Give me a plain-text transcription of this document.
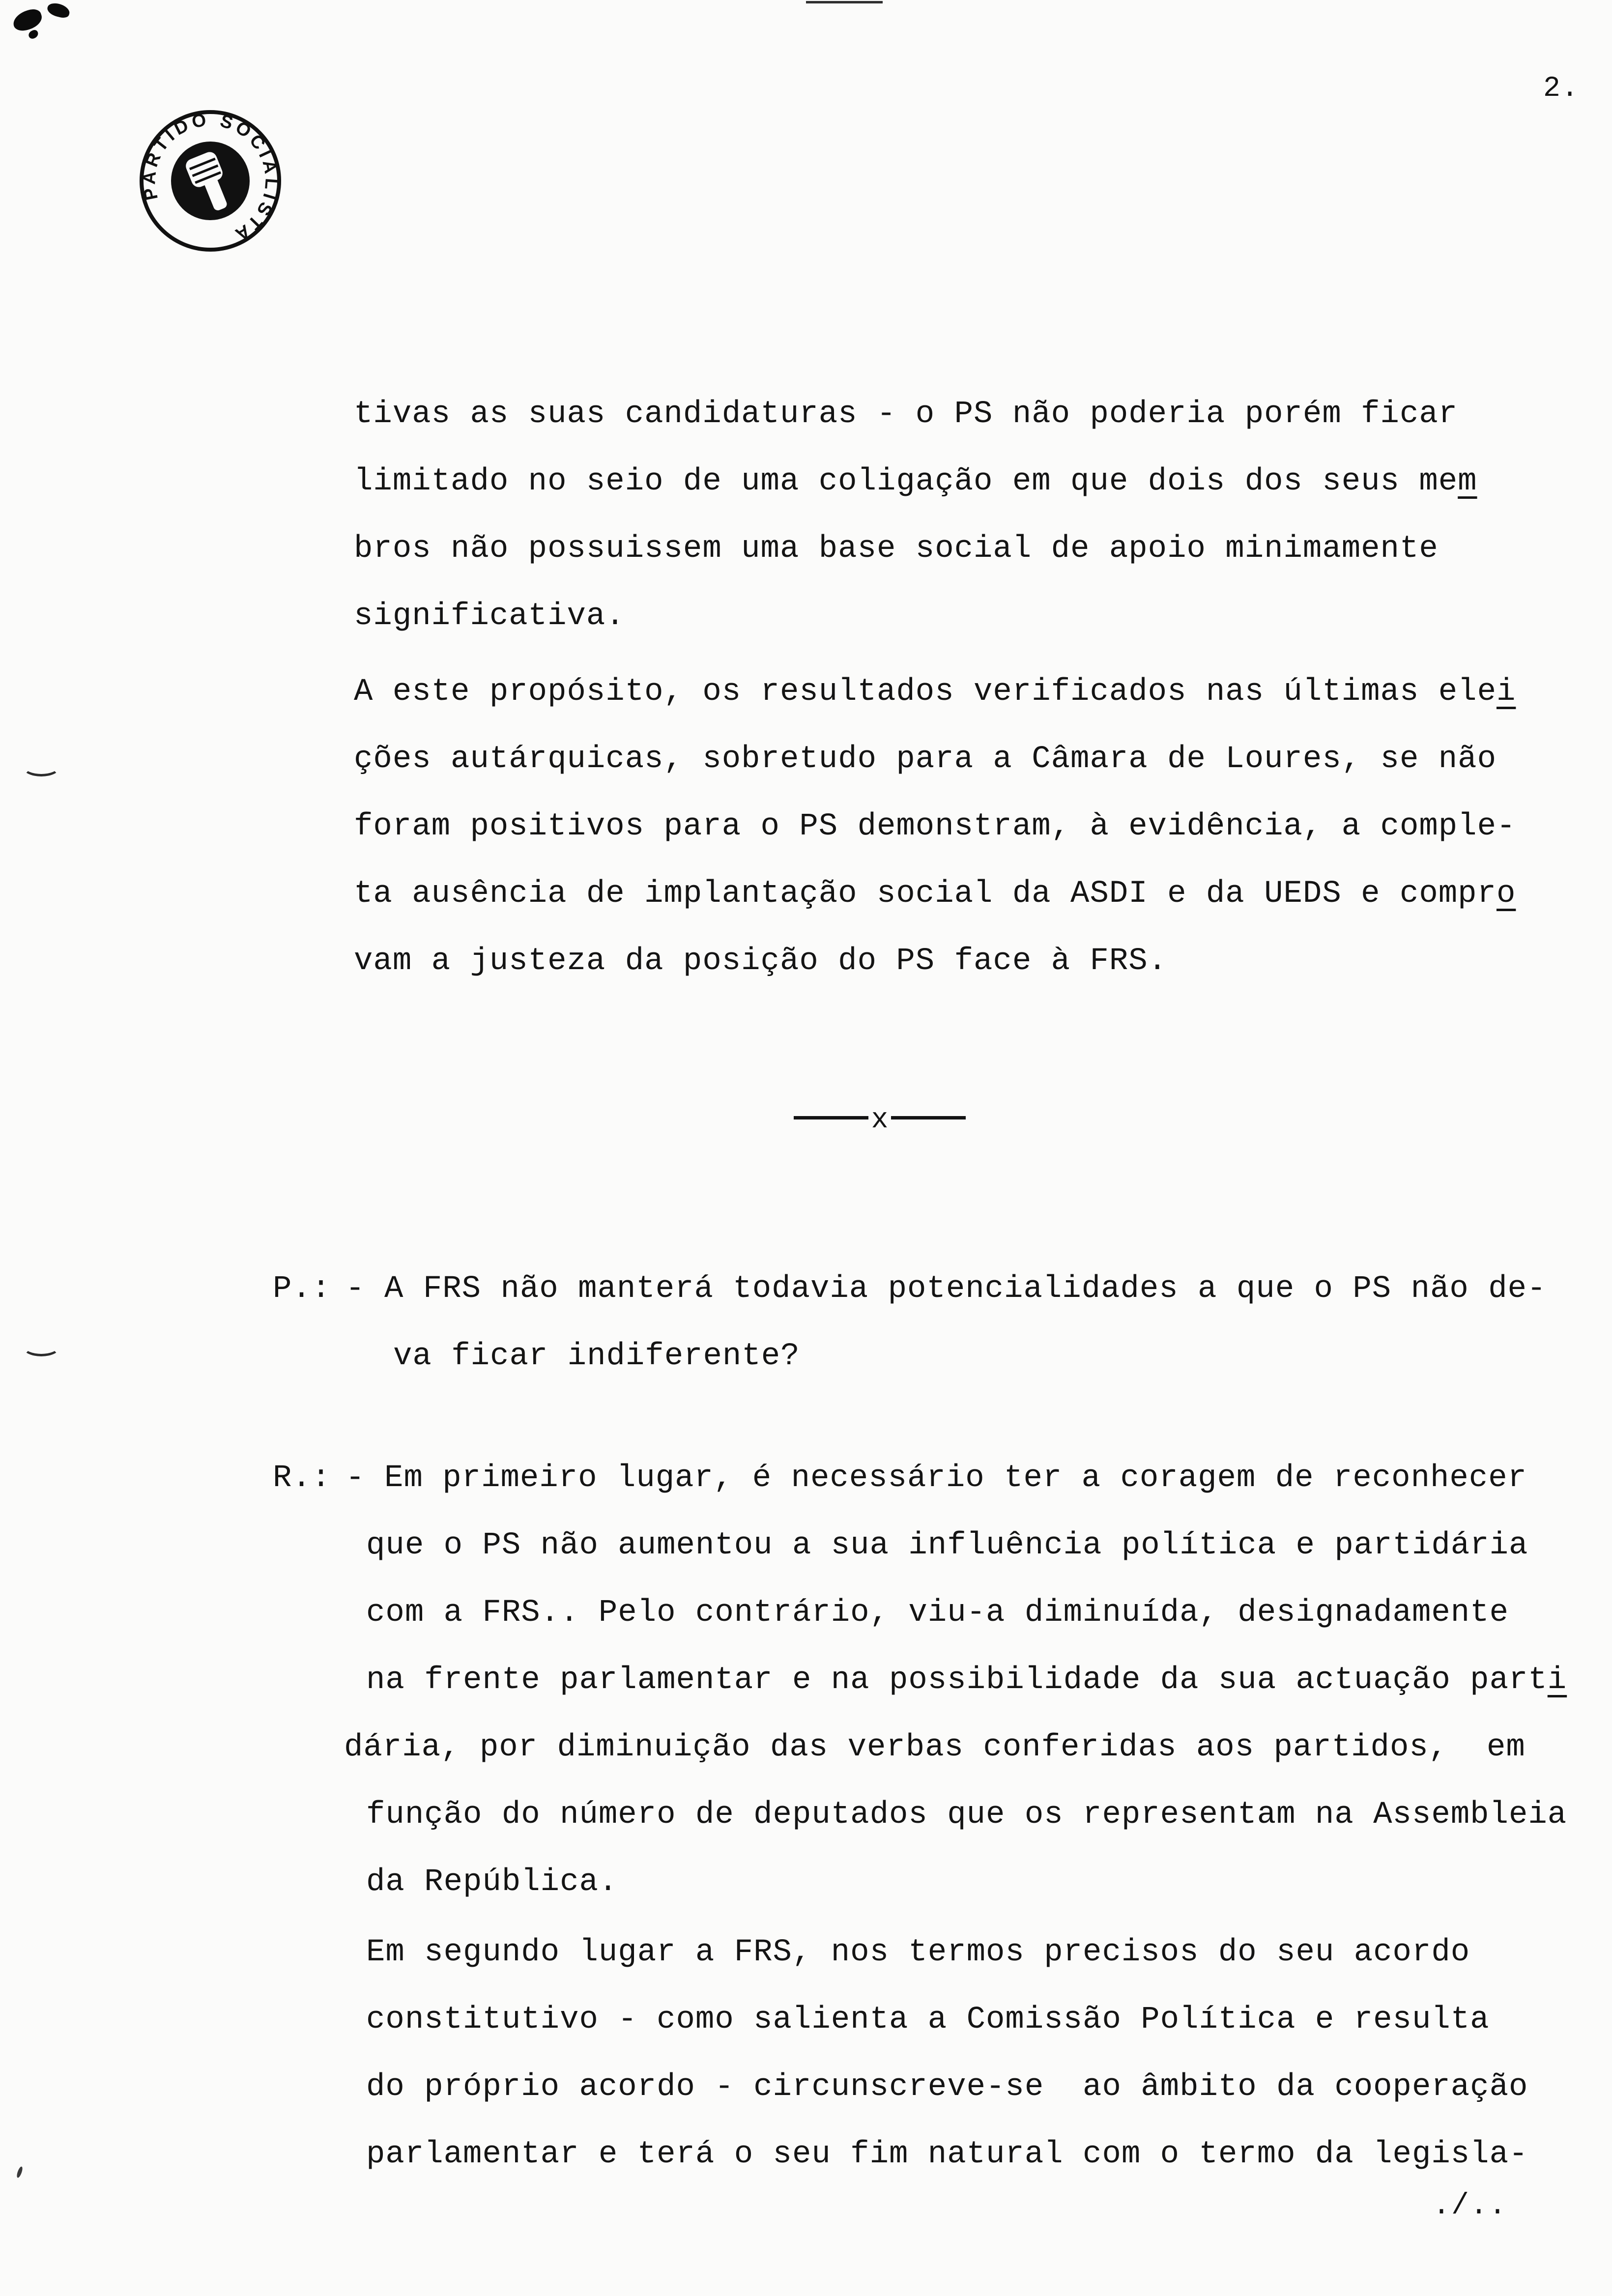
2.
PARTIDO SOCIALISTA
tivas as suas candidaturas - o PS não poderia porém ficar
limitado no seio de uma coligação em que dois dos seus mem
bros não possuissem uma base social de apoio minimamente
significativa.
A este propósito, os resultados verificados nas últimas elei
ções autárquicas, sobretudo para a Câmara de Loures, se não
foram positivos para o PS demonstram, à evidência, a comple-
ta ausência de implantação social da ASDI e da UEDS e compro
vam a justeza da posição do PS face à FRS.
x
P.: - A FRS não manterá todavia potencialidades a que o PS não de-
va ficar indiferente?
R.: - Em primeiro lugar, é necessário ter a coragem de reconhecer
que o PS não aumentou a sua influência política e partidária
com a FRS.. Pelo contrário, viu-a diminuída, designadamente
na frente parlamentar e na possibilidade da sua actuação parti
dária, por diminuição das verbas conferidas aos partidos,  em
função do número de deputados que os representam na Assembleia
da República.
Em segundo lugar a FRS, nos termos precisos do seu acordo
constitutivo - como salienta a Comissão Política e resulta
do próprio acordo - circunscreve-se  ao âmbito da cooperação
parlamentar e terá o seu fim natural com o termo da legisla-
./..
